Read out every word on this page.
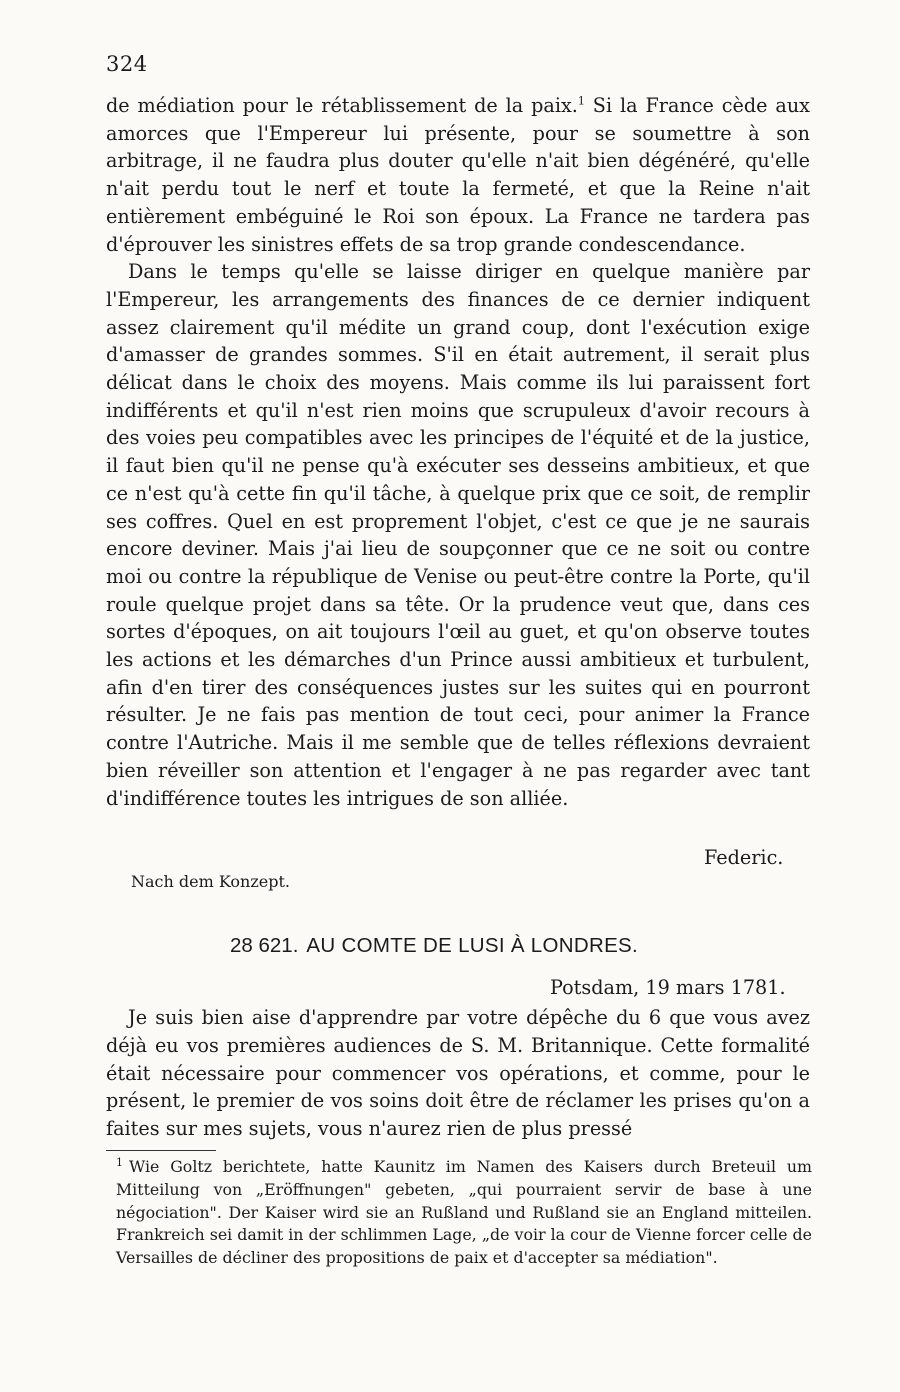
324

de médiation pour le rétablissement de la paix.$^1$ Si la France cède aux amorces que l'Empereur lui présente, pour se soumettre à son arbitrage, il ne faudra plus douter qu'elle n'ait bien dégénéré, qu'elle n'ait perdu tout le nerf et toute la fermeté, et que la Reine n'ait entièrement embéguiné le Roi son époux. La France ne tardera pas d'éprouver les sinistres effets de sa trop grande condescendance.

Dans le temps qu'elle se laisse diriger en quelque manière par l'Empereur, les arrangements des finances de ce dernier indiquent assez clairement qu'il médite un grand coup, dont l'exécution exige d'amasser de grandes sommes. S'il en était autrement, il serait plus délicat dans le choix des moyens. Mais comme ils lui paraissent fort indifférents et qu'il n'est rien moins que scrupuleux d'avoir recours à des voies peu compatibles avec les principes de l'équité et de la justice, il faut bien qu'il ne pense qu'à exécuter ses desseins ambitieux, et que ce n'est qu'à cette fin qu'il tâche, à quelque prix que ce soit, de remplir ses coffres. Quel en est proprement l'objet, c'est ce que je ne saurais encore deviner. Mais j'ai lieu de soupçonner que ce ne soit ou contre moi ou contre la république de Venise ou peut-être contre la Porte, qu'il roule quelque projet dans sa tête. Or la prudence veut que, dans ces sortes d'époques, on ait toujours l'œil au guet, et qu'on observe toutes les actions et les démarches d'un Prince aussi ambitieux et turbulent, afin d'en tirer des conséquences justes sur les suites qui en pourront résulter. Je ne fais pas mention de tout ceci, pour animer la France contre l'Autriche. Mais il me semble que de telles réflexions devraient bien réveiller son attention et l'engager à ne pas regarder avec tant d'indifférence toutes les intrigues de son alliée.

Federic.
Nach dem Konzept.
28 621. AU COMTE DE LUSI À LONDRES.
Potsdam, 19 mars 1781.

Je suis bien aise d'apprendre par votre dépêche du 6 que vous avez déjà eu vos premières audiences de S. M. Britannique. Cette formalité était nécessaire pour commencer vos opérations, et comme, pour le présent, le premier de vos soins doit être de réclamer les prises qu'on a faites sur mes sujets, vous n'aurez rien de plus pressé

$^1$ Wie Goltz berichtete, hatte Kaunitz im Namen des Kaisers durch Breteuil um Mitteilung von „Eröffnungen" gebeten, „qui pourraient servir de base à une négociation". Der Kaiser wird sie an Rußland und Rußland sie an England mitteilen. Frankreich sei damit in der schlimmen Lage, „de voir la cour de Vienne forcer celle de Versailles de décliner des propositions de paix et d'accepter sa médiation".
